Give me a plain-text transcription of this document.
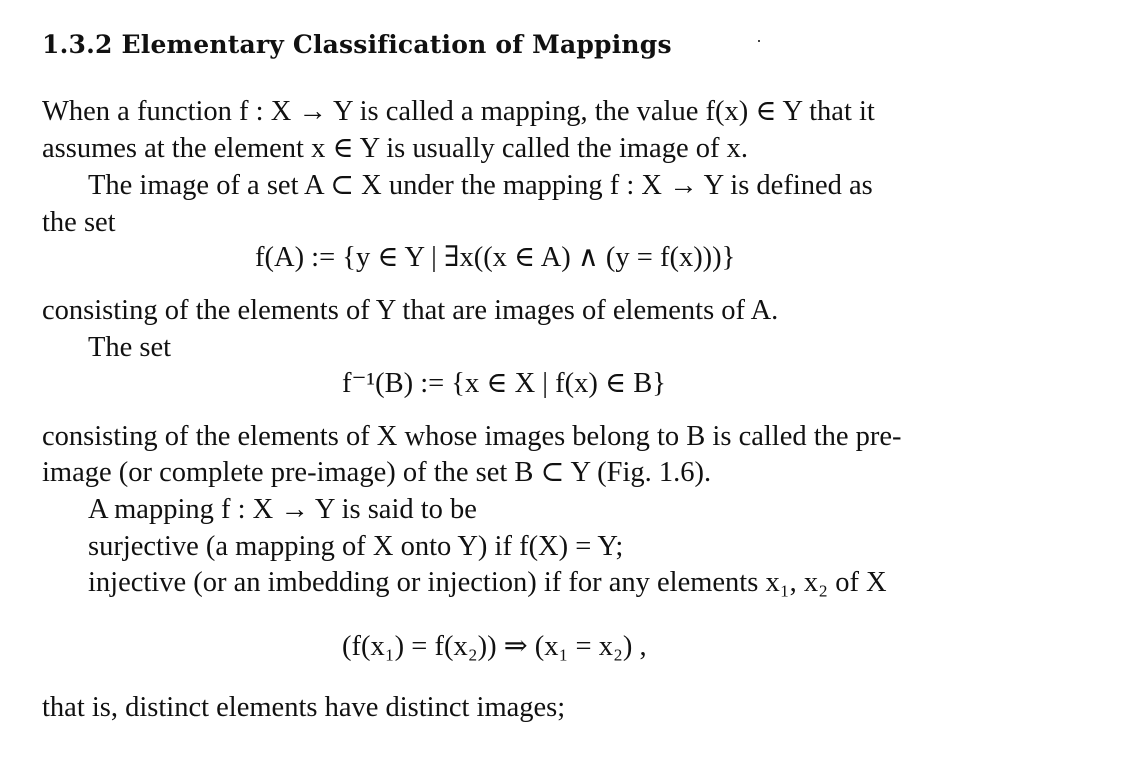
1.3.2 Elementary Classification of Mappings
When a function f : X → Y is called a mapping, the value f(x) ∈ Y that it
assumes at the element x ∈ Y is usually called the image of x.
The image of a set A ⊂ X under the mapping f : X → Y is defined as
the set
f(A) := {y ∈ Y | ∃x((x ∈ A) ∧ (y = f(x)))}
consisting of the elements of Y that are images of elements of A.
The set
f⁻¹(B) := {x ∈ X | f(x) ∈ B}
consisting of the elements of X whose images belong to B is called the pre-
image (or complete pre-image) of the set B ⊂ Y (Fig. 1.6).
A mapping f : X → Y is said to be
surjective (a mapping of X onto Y) if f(X) = Y;
injective (or an imbedding or injection) if for any elements x₁, x₂ of X
(f(x₁) = f(x₂)) ⇒ (x₁ = x₂) ,
that is, distinct elements have distinct images;
